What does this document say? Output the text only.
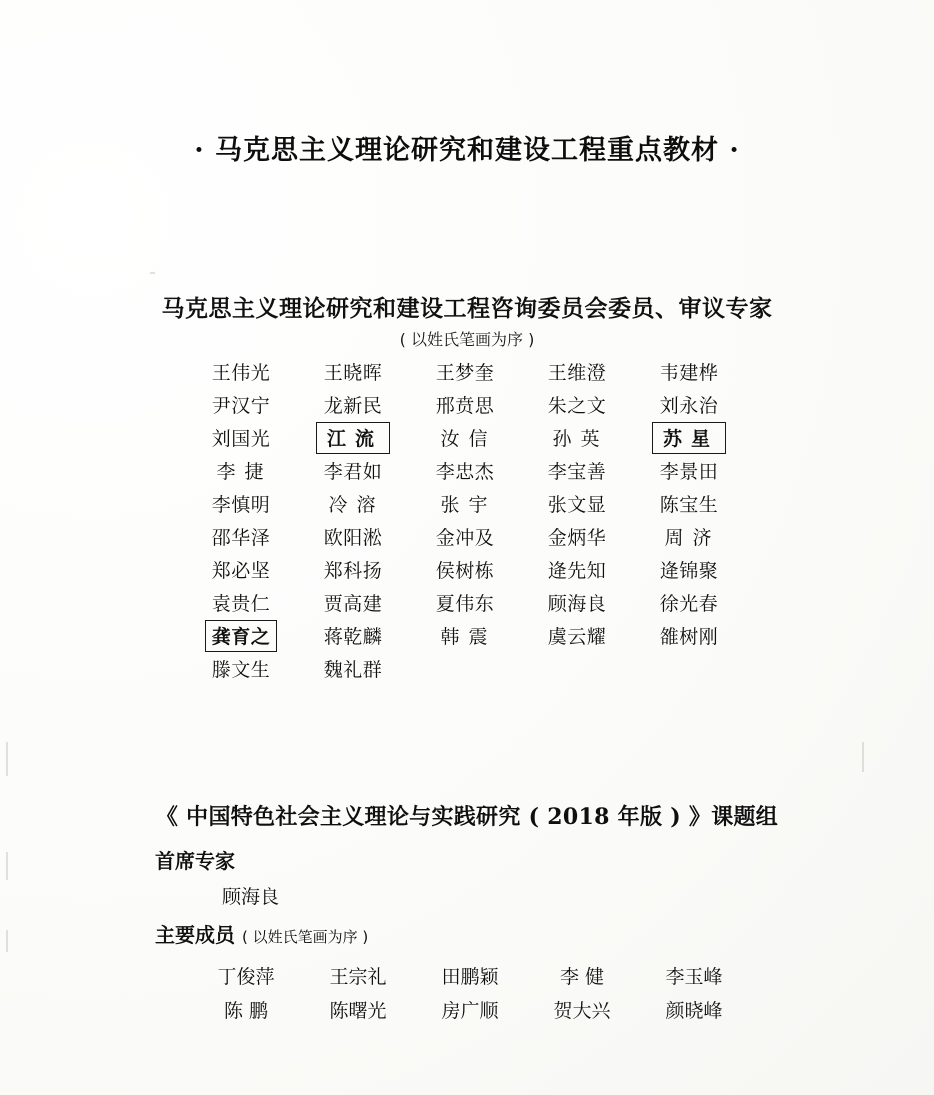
· 马克思主义理论研究和建设工程重点教材 ·
马克思主义理论研究和建设工程咨询委员会委员、审议专家
( 以姓氏笔画为序 )
王伟光	王晓晖	王梦奎	王维澄	韦建桦
尹汉宁	龙新民	邢贲思	朱之文	刘永治
刘国光	江流	汝信	孙英	苏星
李捷	李君如	李忠杰	李宝善	李景田
李慎明	冷溶	张宇	张文显	陈宝生
邵华泽	欧阳淞	金冲及	金炳华	周济
郑必坚	郑科扬	侯树栋	逄先知	逄锦聚
袁贵仁	贾高建	夏伟东	顾海良	徐光春
龚育之	蒋乾麟	韩震	虞云耀	雒树刚
滕文生	魏礼群
《 中国特色社会主义理论与实践研究 ( 2018 年版 ) 》课题组
首席专家
顾海良
主要成员 ( 以姓氏笔画为序 )
丁俊萍	王宗礼	田鹏颖	李 健	李玉峰
陈 鹏	陈曙光	房广顺	贺大兴	颜晓峰
